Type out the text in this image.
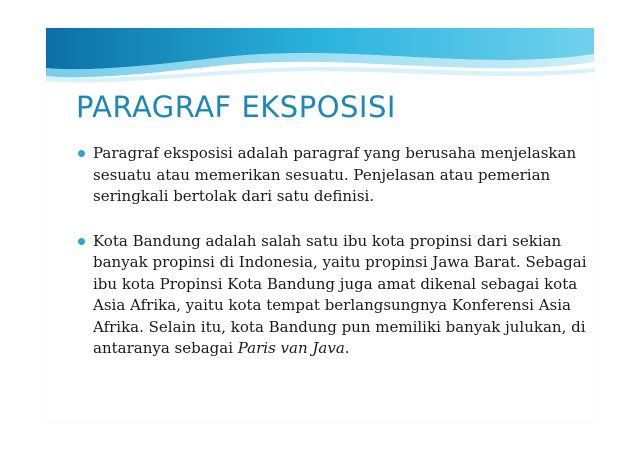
PARAGRAF EKSPOSISI
Paragraf eksposisi adalah paragraf yang berusaha menjelaskan sesuatu atau memerikan sesuatu. Penjelasan atau pemerian seringkali bertolak dari satu definisi.
Kota Bandung adalah salah satu ibu kota propinsi dari sekian banyak propinsi di Indonesia, yaitu propinsi Jawa Barat. Sebagai ibu kota Propinsi Kota Bandung juga amat dikenal sebagai kota Asia Afrika, yaitu kota tempat berlangsungnya Konferensi Asia Afrika. Selain itu, kota Bandung pun memiliki banyak julukan, di antaranya sebagai Paris van Java.
